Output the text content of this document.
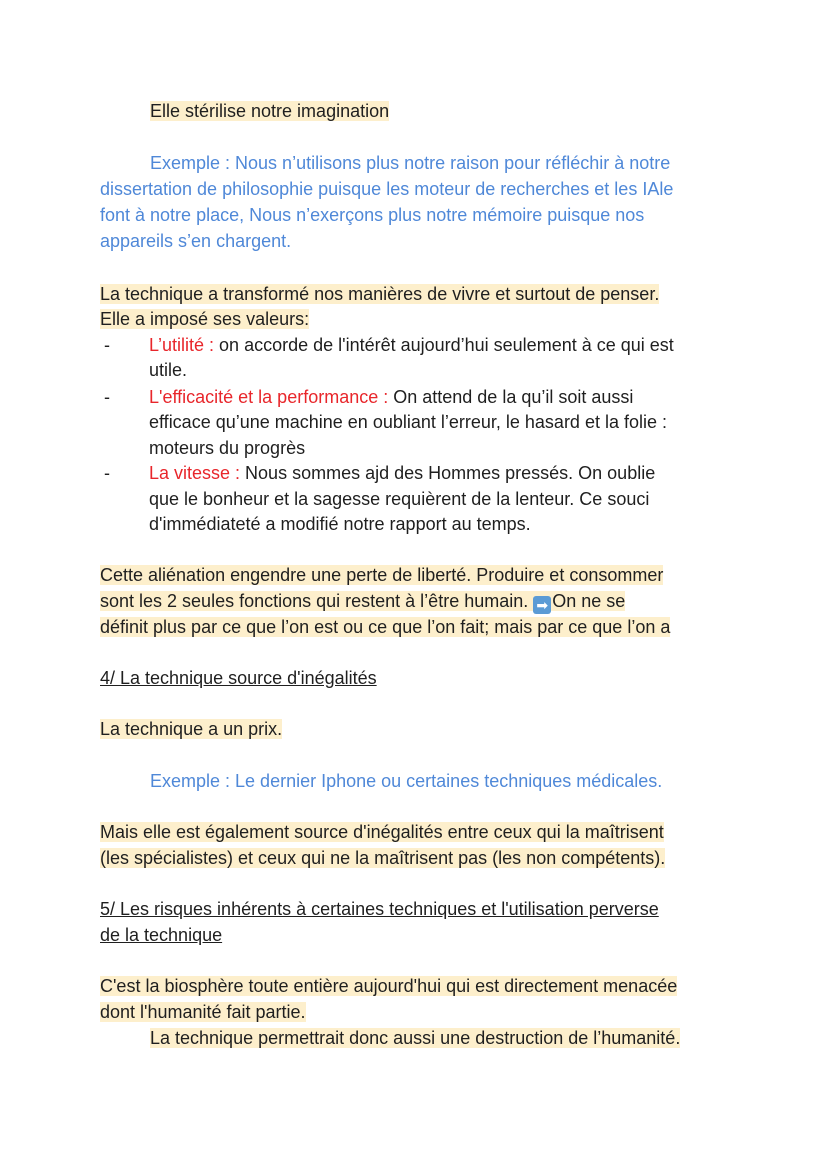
Elle stérilise notre imagination
Exemple : Nous n’utilisons plus notre raison pour réfléchir à notre
dissertation de philosophie puisque les moteur de recherches et les IAle
font à notre place, Nous n’exerçons plus notre mémoire puisque nos
appareils s’en chargent.
La technique a transformé nos manières de vivre et surtout de penser.
Elle a imposé ses valeurs:
- L’utilité : on accorde de l'intérêt aujourd’hui seulement à ce qui est
utile.
- L'efficacité et la performance : On attend de la qu’il soit aussi
efficace qu’une machine en oubliant l’erreur, le hasard et la folie :
moteurs du progrès
- La vitesse : Nous sommes ajd des Hommes pressés. On oublie
que le bonheur et la sagesse requièrent de la lenteur. Ce souci
d'immédiateté a modifié notre rapport au temps.
Cette aliénation engendre une perte de liberté. Produire et consommer
sont les 2 seules fonctions qui restent à l’être humain. ➡ On ne se
définit plus par ce que l’on est ou ce que l’on fait; mais par ce que l’on a
4/ La technique source d'inégalités
La technique a un prix.
Exemple : Le dernier Iphone ou certaines techniques médicales.
Mais elle est également source d'inégalités entre ceux qui la maîtrisent
(les spécialistes) et ceux qui ne la maîtrisent pas (les non compétents).
5/ Les risques inhérents à certaines techniques et l'utilisation perverse
de la technique
C'est la biosphère toute entière aujourd'hui qui est directement menacée
dont l'humanité fait partie.
La technique permettrait donc aussi une destruction de l’humanité.
